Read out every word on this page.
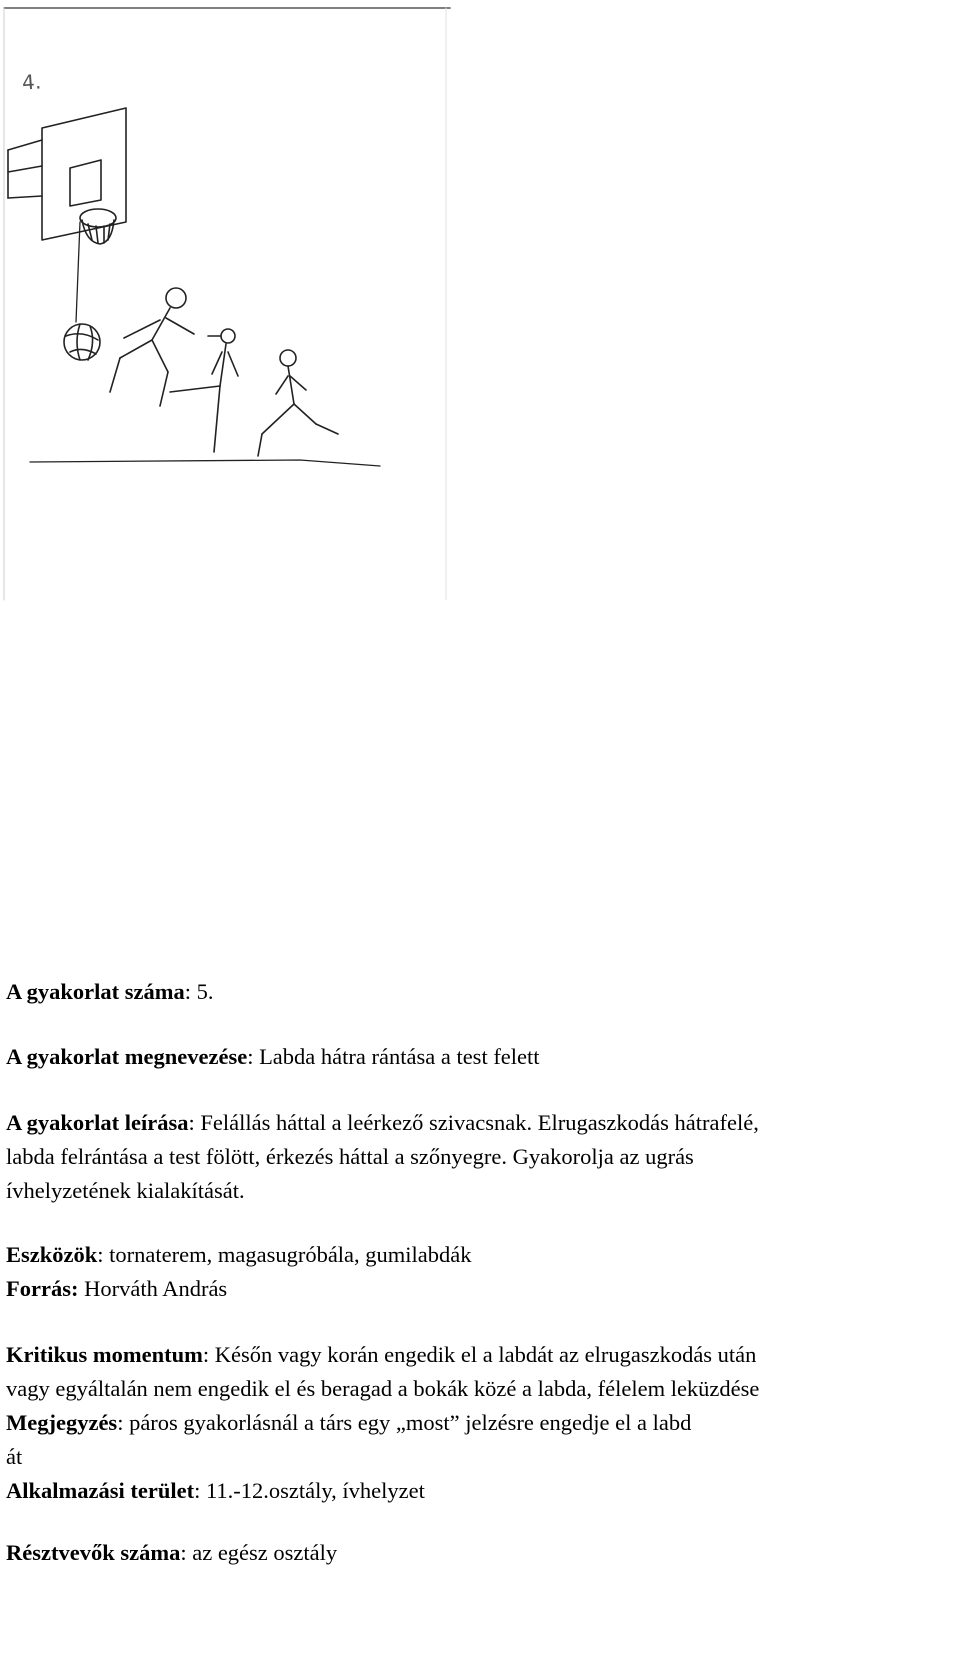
4.
A gyakorlat száma: 5.
A gyakorlat megnevezése: Labda hátra rántása a test felett
A gyakorlat leírása: Felállás háttal a leérkező szivacsnak. Elrugaszkodás hátrafelé,
labda felrántása a test fölött, érkezés háttal a szőnyegre. Gyakorolja az ugrás
ívhelyzetének kialakítását.
Eszközök: tornaterem, magasugróbála, gumilabdák
Forrás: Horváth András
Kritikus momentum: Későn vagy korán engedik el a labdát az elrugaszkodás után
vagy egyáltalán nem engedik el és beragad a bokák közé a labda, félelem leküzdése
Megjegyzés: páros gyakorlásnál a társ egy „most” jelzésre engedje el a labd
át
Alkalmazási terület: 11.-12.osztály, ívhelyzet
Résztvevők száma: az egész osztály
